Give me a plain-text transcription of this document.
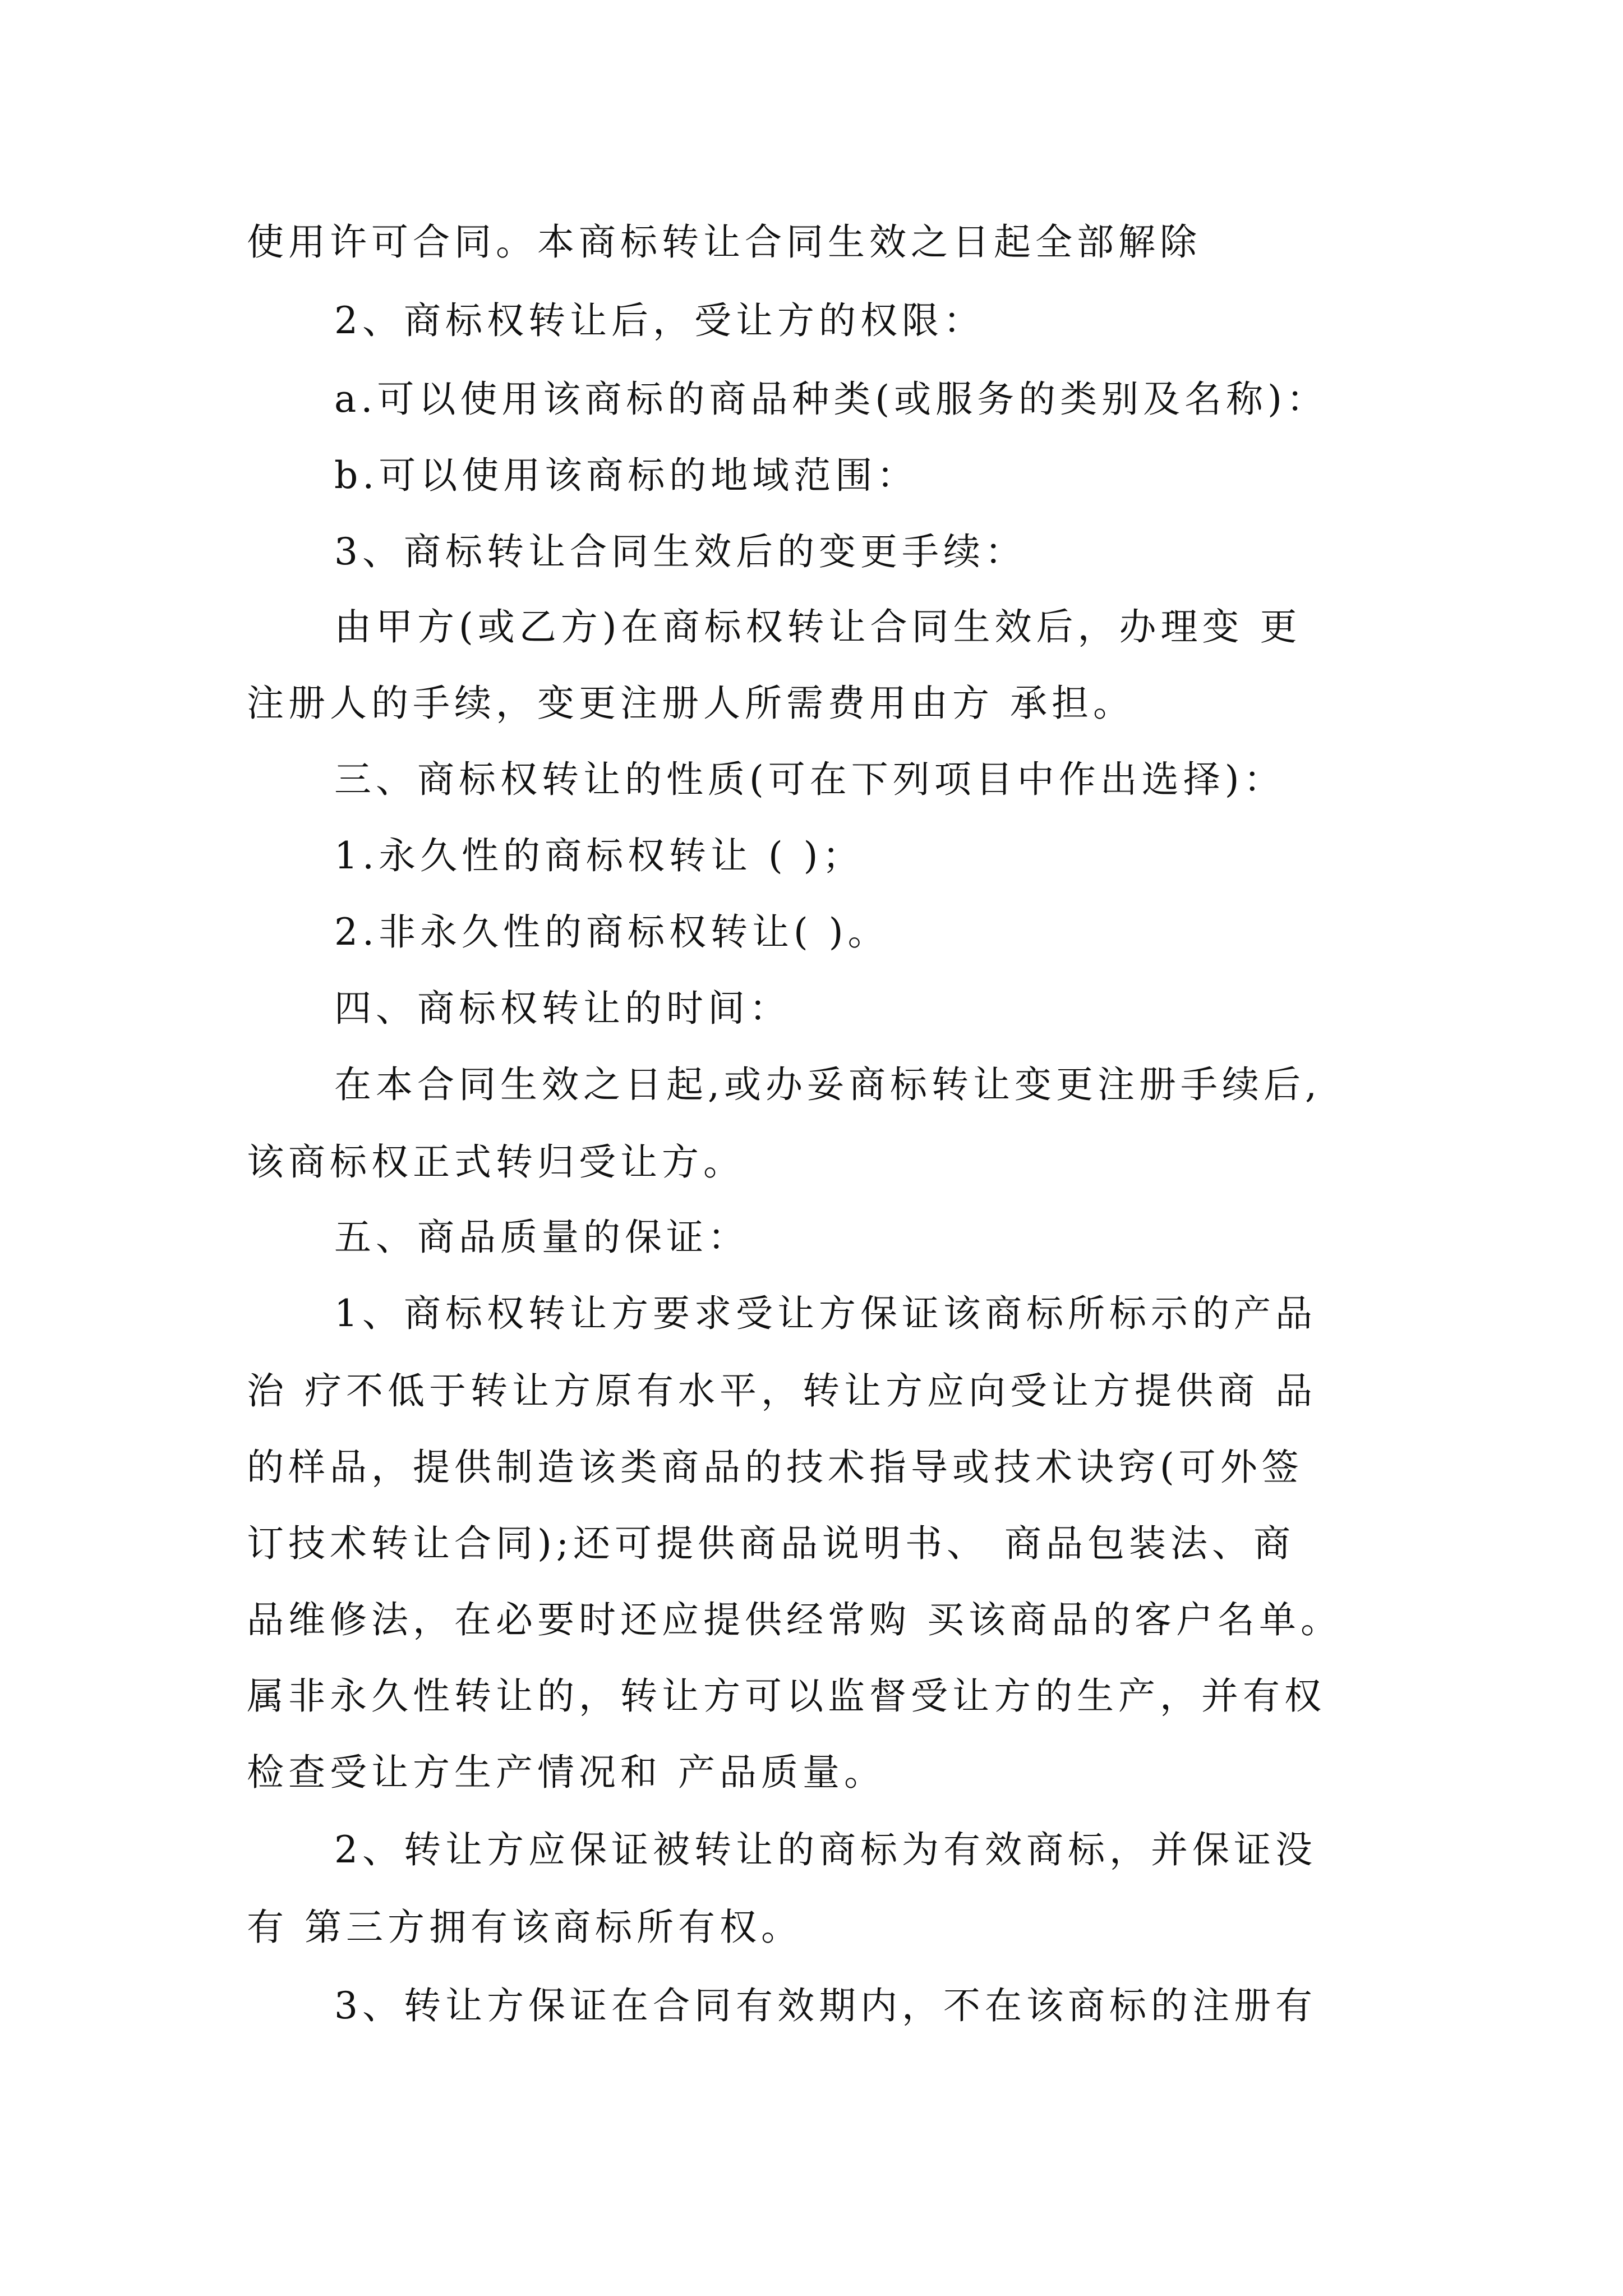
使用许可合同。本商标转让合同生效之日起全部解除

2、商标权转让后，受让方的权限：

a.可以使用该商标的商品种类(或服务的类别及名称)：

b.可以使用该商标的地域范围：

3、商标转让合同生效后的变更手续：

由甲方(或乙方)在商标权转让合同生效后，办理变 更

注册人的手续，变更注册人所需费用由方 承担。

三、商标权转让的性质(可在下列项目中作出选择)：

1.永久性的商标权转让 ( )；

2.非永久性的商标权转让( )。

四、商标权转让的时间：

在本合同生效之日起,或办妥商标转让变更注册手续后,

该商标权正式转归受让方。

五、商品质量的保证：

1、商标权转让方要求受让方保证该商标所标示的产品

治 疗不低于转让方原有水平，转让方应向受让方提供商 品

的样品，提供制造该类商品的技术指导或技术诀窍(可外签

订技术转让合同);还可提供商品说明书、 商品包装法、商

品维修法，在必要时还应提供经常购 买该商品的客户名单。

属非永久性转让的，转让方可以监督受让方的生产，并有权

检查受让方生产情况和 产品质量。

2、转让方应保证被转让的商标为有效商标，并保证没

有 第三方拥有该商标所有权。

3、转让方保证在合同有效期内，不在该商标的注册有
